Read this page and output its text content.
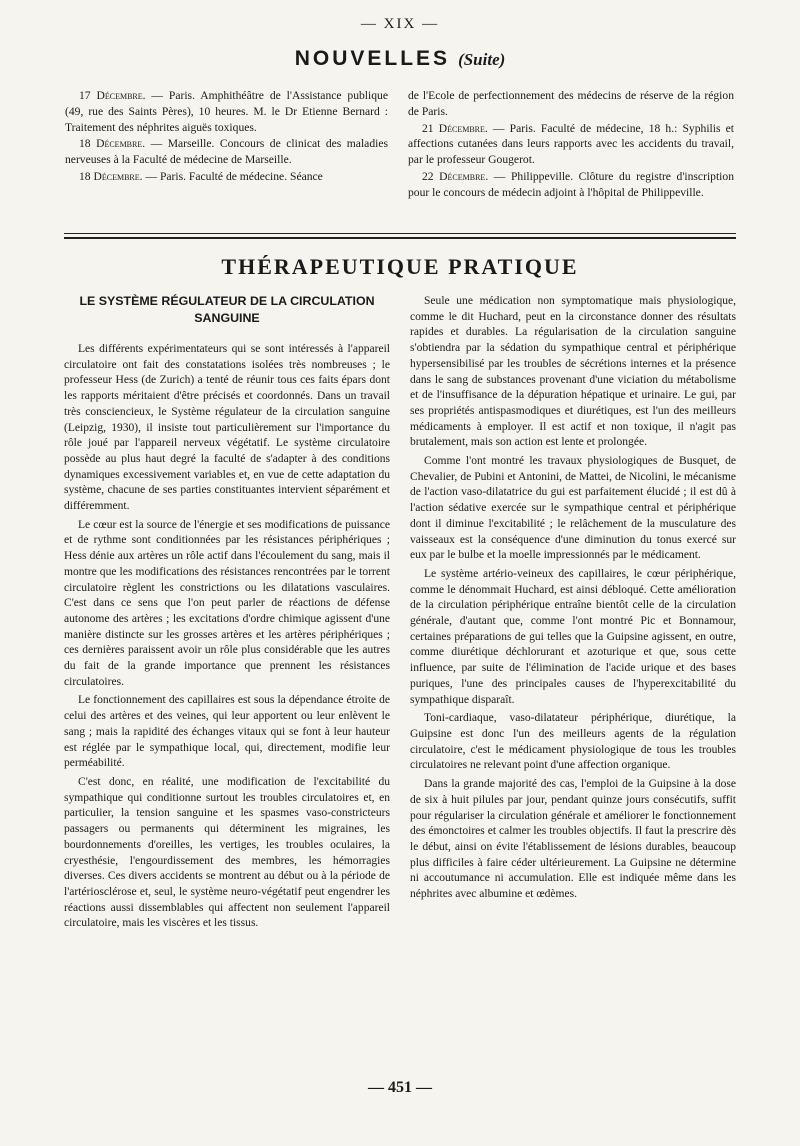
— XIX —
NOUVELLES (Suite)

17 Décembre. — Paris. Amphithéâtre de l'Assistance publique (49, rue des Saints Pères), 10 heures. M. le Dr Etienne Bernard : Traitement des néphrites aiguës toxiques.

18 Décembre. — Marseille. Concours de clinicat des maladies nerveuses à la Faculté de médecine de Marseille.

18 Décembre. — Paris. Faculté de médecine. Séance

de l'Ecole de perfectionnement des médecins de réserve de la région de Paris.

21 Décembre. — Paris. Faculté de médecine, 18 h.: Syphilis et affections cutanées dans leurs rapports avec les accidents du travail, par le professeur Gougerot.

22 Décembre. — Philippeville. Clôture du registre d'inscription pour le concours de médecin adjoint à l'hôpital de Philippeville.

THÉRAPEUTIQUE PRATIQUE
LE SYSTÈME RÉGULATEUR DE LA CIRCULATION SANGUINE

Les différents expérimentateurs qui se sont intéressés à l'appareil circulatoire ont fait des constatations isolées très nombreuses ; le professeur Hess (de Zurich) a tenté de réunir tous ces faits épars dont les rapports méritaient d'être précisés et coordonnés. Dans un travail très consciencieux, le Système régulateur de la circulation sanguine (Leipzig, 1930), il insiste tout particulièrement sur l'importance du rôle joué par l'appareil nerveux végétatif. Le système circulatoire possède au plus haut degré la faculté de s'adapter à des conditions dynamiques excessivement variables et, en vue de cette adaptation du système, chacune de ses parties constituantes intervient séparément et différemment.

Le cœur est la source de l'énergie et ses modifications de puissance et de rythme sont conditionnées par les résistances périphériques ; Hess dénie aux artères un rôle actif dans l'écoulement du sang, mais il montre que les modifications des résistances rencontrées par le torrent circulatoire règlent les constrictions ou les dilatations vasculaires. C'est dans ce sens que l'on peut parler de réactions de défense autonome des artères ; les excitations d'ordre chimique agissent d'une manière distincte sur les grosses artères et les artères périphériques ; ces dernières paraissent avoir un rôle plus considérable que les autres du fait de la grande importance que prennent les résistances circulatoires.

Le fonctionnement des capillaires est sous la dépendance étroite de celui des artères et des veines, qui leur apportent ou leur enlèvent le sang ; mais la rapidité des échanges vitaux qui se font à leur hauteur est réglée par le sympathique local, qui, directement, modifie leur perméabilité.

C'est donc, en réalité, une modification de l'excitabilité du sympathique qui conditionne surtout les troubles circulatoires et, en particulier, la tension sanguine et les spasmes vaso-constricteurs passagers ou permanents qui déterminent les migraines, les bourdonnements d'oreilles, les vertiges, les troubles oculaires, la cryesthésie, l'engourdissement des membres, les hémorragies diverses. Ces divers accidents se montrent au début ou à la période de l'artériosclérose et, seul, le système neuro-végétatif peut engendrer les réactions aussi dissemblables qui affectent non seulement l'appareil circulatoire, mais les viscères et les tissus.

Seule une médication non symptomatique mais physiologique, comme le dit Huchard, peut en la circonstance donner des résultats rapides et durables. La régularisation de la circulation sanguine s'obtiendra par la sédation du sympathique central et périphérique hypersensibilisé par les troubles de sécrétions internes et la présence dans le sang de substances provenant d'une viciation du métabolisme et de l'insuffisance de la dépuration hépatique et urinaire. Le gui, par ses propriétés antispasmodiques et diurétiques, est l'un des meilleurs médicaments à employer. Il est actif et non toxique, il n'agit pas brutalement, mais son action est lente et prolongée.

Comme l'ont montré les travaux physiologiques de Busquet, de Chevalier, de Pubini et Antonini, de Mattei, de Nicolini, le mécanisme de l'action vaso-dilatatrice du gui est parfaitement élucidé ; il est dû à l'action sédative exercée sur le sympathique central et périphérique dont il diminue l'excitabilité ; le relâchement de la musculature des vaisseaux est la conséquence d'une diminution du tonus exercé sur eux par le bulbe et la moelle impressionnés par le médicament.

Le système artério-veineux des capillaires, le cœur périphérique, comme le dénommait Huchard, est ainsi débloqué. Cette amélioration de la circulation périphérique entraîne bientôt celle de la circulation générale, d'autant que, comme l'ont montré Pic et Bonnamour, certaines préparations de gui telles que la Guipsine agissent, en outre, comme diurétique déchlorurant et azoturique et que, sous cette influence, par suite de l'élimination de l'acide urique et des bases puriques, l'une des principales causes de l'hyperexcitabilité du sympathique disparaît.

Toni-cardiaque, vaso-dilatateur périphérique, diurétique, la Guipsine est donc l'un des meilleurs agents de la régulation circulatoire, c'est le médicament physiologique de tous les troubles circulatoires ne relevant point d'une affection organique.

Dans la grande majorité des cas, l'emploi de la Guipsine à la dose de six à huit pilules par jour, pendant quinze jours consécutifs, suffit pour régulariser la circulation générale et améliorer le fonctionnement des émonctoires et calmer les troubles objectifs. Il faut la prescrire dès le début, ainsi on évite l'établissement de lésions durables, beaucoup plus difficiles à faire céder ultérieurement. La Guipsine ne détermine ni accoutumance ni accumulation. Elle est indiquée même dans les néphrites avec albumine et œdèmes.

— 451 —
